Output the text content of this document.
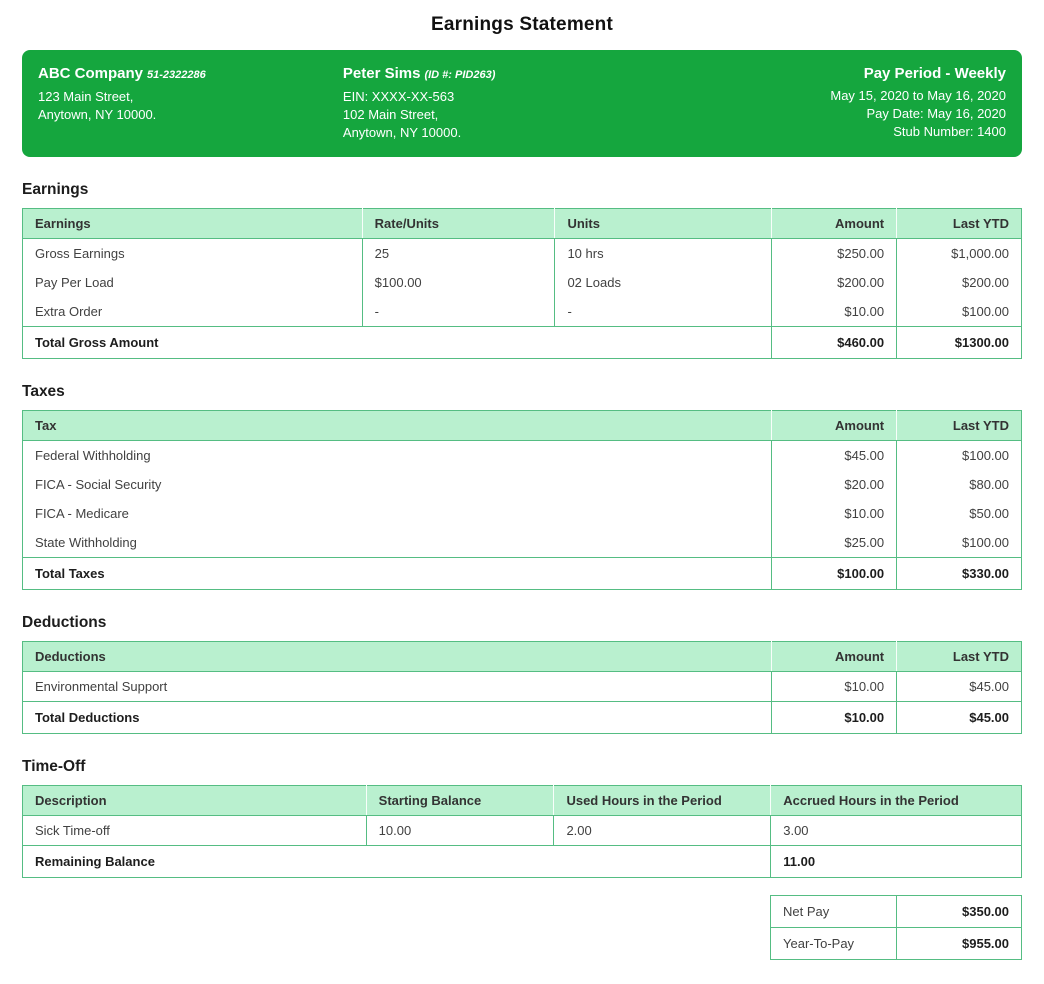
Earnings Statement
ABC Company 51-2322286
123 Main Street,
Anytown, NY 10000.
Peter Sims (ID #: PID263)
EIN: XXXX-XX-563
102 Main Street,
Anytown, NY 10000.
Pay Period - Weekly
May 15, 2020 to May 16, 2020
Pay Date: May 16, 2020
Stub Number: 1400
Earnings
Earnings	Rate/Units	Units	Amount	Last YTD
Gross Earnings	25	10 hrs	$250.00	$1,000.00
Pay Per Load	$100.00	02 Loads	$200.00	$200.00
Extra Order	-	-	$10.00	$100.00
Total Gross Amount			$460.00	$1300.00
Taxes
Tax	Amount	Last YTD
Federal Withholding	$45.00	$100.00
FICA - Social Security	$20.00	$80.00
FICA - Medicare	$10.00	$50.00
State Withholding	$25.00	$100.00
Total Taxes	$100.00	$330.00
Deductions
Deductions	Amount	Last YTD
Environmental Support	$10.00	$45.00
Total Deductions	$10.00	$45.00
Time-Off
Description	Starting Balance	Used Hours in the Period	Accrued Hours in the Period
Sick Time-off	10.00	2.00	3.00
Remaining Balance			11.00
Net Pay	$350.00
Year-To-Pay	$955.00
